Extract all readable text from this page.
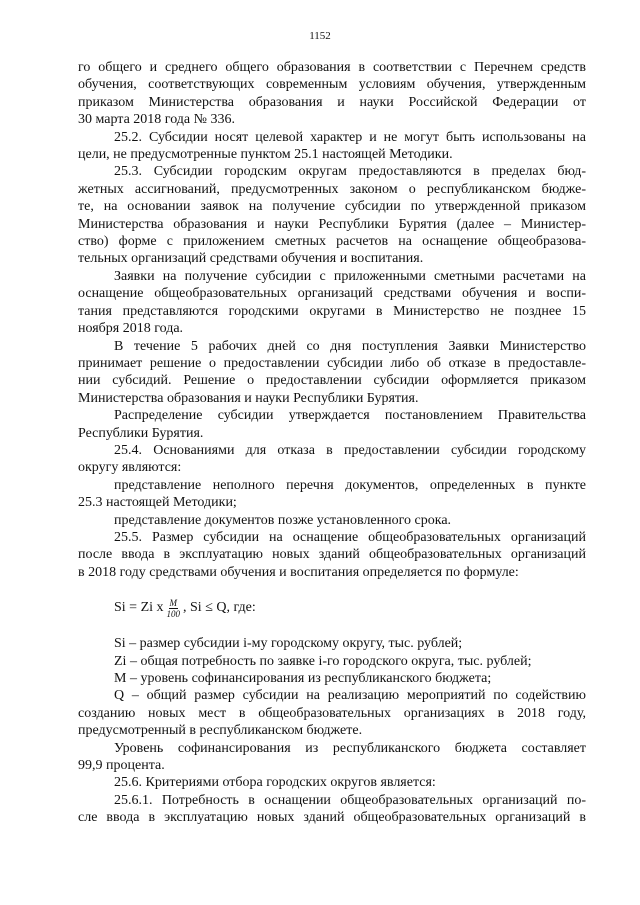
1152
го общего и среднего общего образования в соответствии с Перечнем средств
обучения, соответствующих современным условиям обучения, утвержденным
приказом Министерства образования и науки Российской Федерации от
30 марта 2018 года № 336.
25.2. Субсидии носят целевой характер и не могут быть использованы на
цели, не предусмотренные пунктом 25.1 настоящей Методики.
25.3. Субсидии городским округам предоставляются в пределах бюд-
жетных ассигнований, предусмотренных законом о республиканском бюдже-
те, на основании заявок на получение субсидии по утвержденной приказом
Министерства образования и науки Республики Бурятия (далее – Министер-
ство) форме с приложением сметных расчетов на оснащение общеобразова-
тельных организаций средствами обучения и воспитания.
Заявки на получение субсидии с приложенными сметными расчетами на
оснащение общеобразовательных организаций средствами обучения и воспи-
тания представляются городскими округами в Министерство не позднее 15
ноября 2018 года.
В течение 5 рабочих дней со дня поступления Заявки Министерство
принимает решение о предоставлении субсидии либо об отказе в предоставле-
нии субсидий. Решение о предоставлении субсидии оформляется приказом
Министерства образования и науки Республики Бурятия.
Распределение субсидии утверждается постановлением Правительства
Республики Бурятия.
25.4. Основаниями для отказа в предоставлении субсидии городскому
округу являются:
представление неполного перечня документов, определенных в пункте
25.3 настоящей Методики;
представление документов позже установленного срока.
25.5. Размер субсидии на оснащение общеобразовательных организаций
после ввода в эксплуатацию новых зданий общеобразовательных организаций
в 2018 году средствами обучения и воспитания определяется по формуле:
Si = Zi x $\frac{M}{100}$ , Si ≤ Q, где:
Si – размер субсидии i-му городскому округу, тыс. рублей;
Zi – общая потребность по заявке i-го городского округа, тыс. рублей;
M – уровень софинансирования из республиканского бюджета;
Q – общий размер субсидии на реализацию мероприятий по содействию
созданию новых мест в общеобразовательных организациях в 2018 году,
предусмотренный в республиканском бюджете.
Уровень софинансирования из республиканского бюджета составляет
99,9 процента.
25.6. Критериями отбора городских округов является:
25.6.1. Потребность в оснащении общеобразовательных организаций по-
сле ввода в эксплуатацию новых зданий общеобразовательных организаций в
